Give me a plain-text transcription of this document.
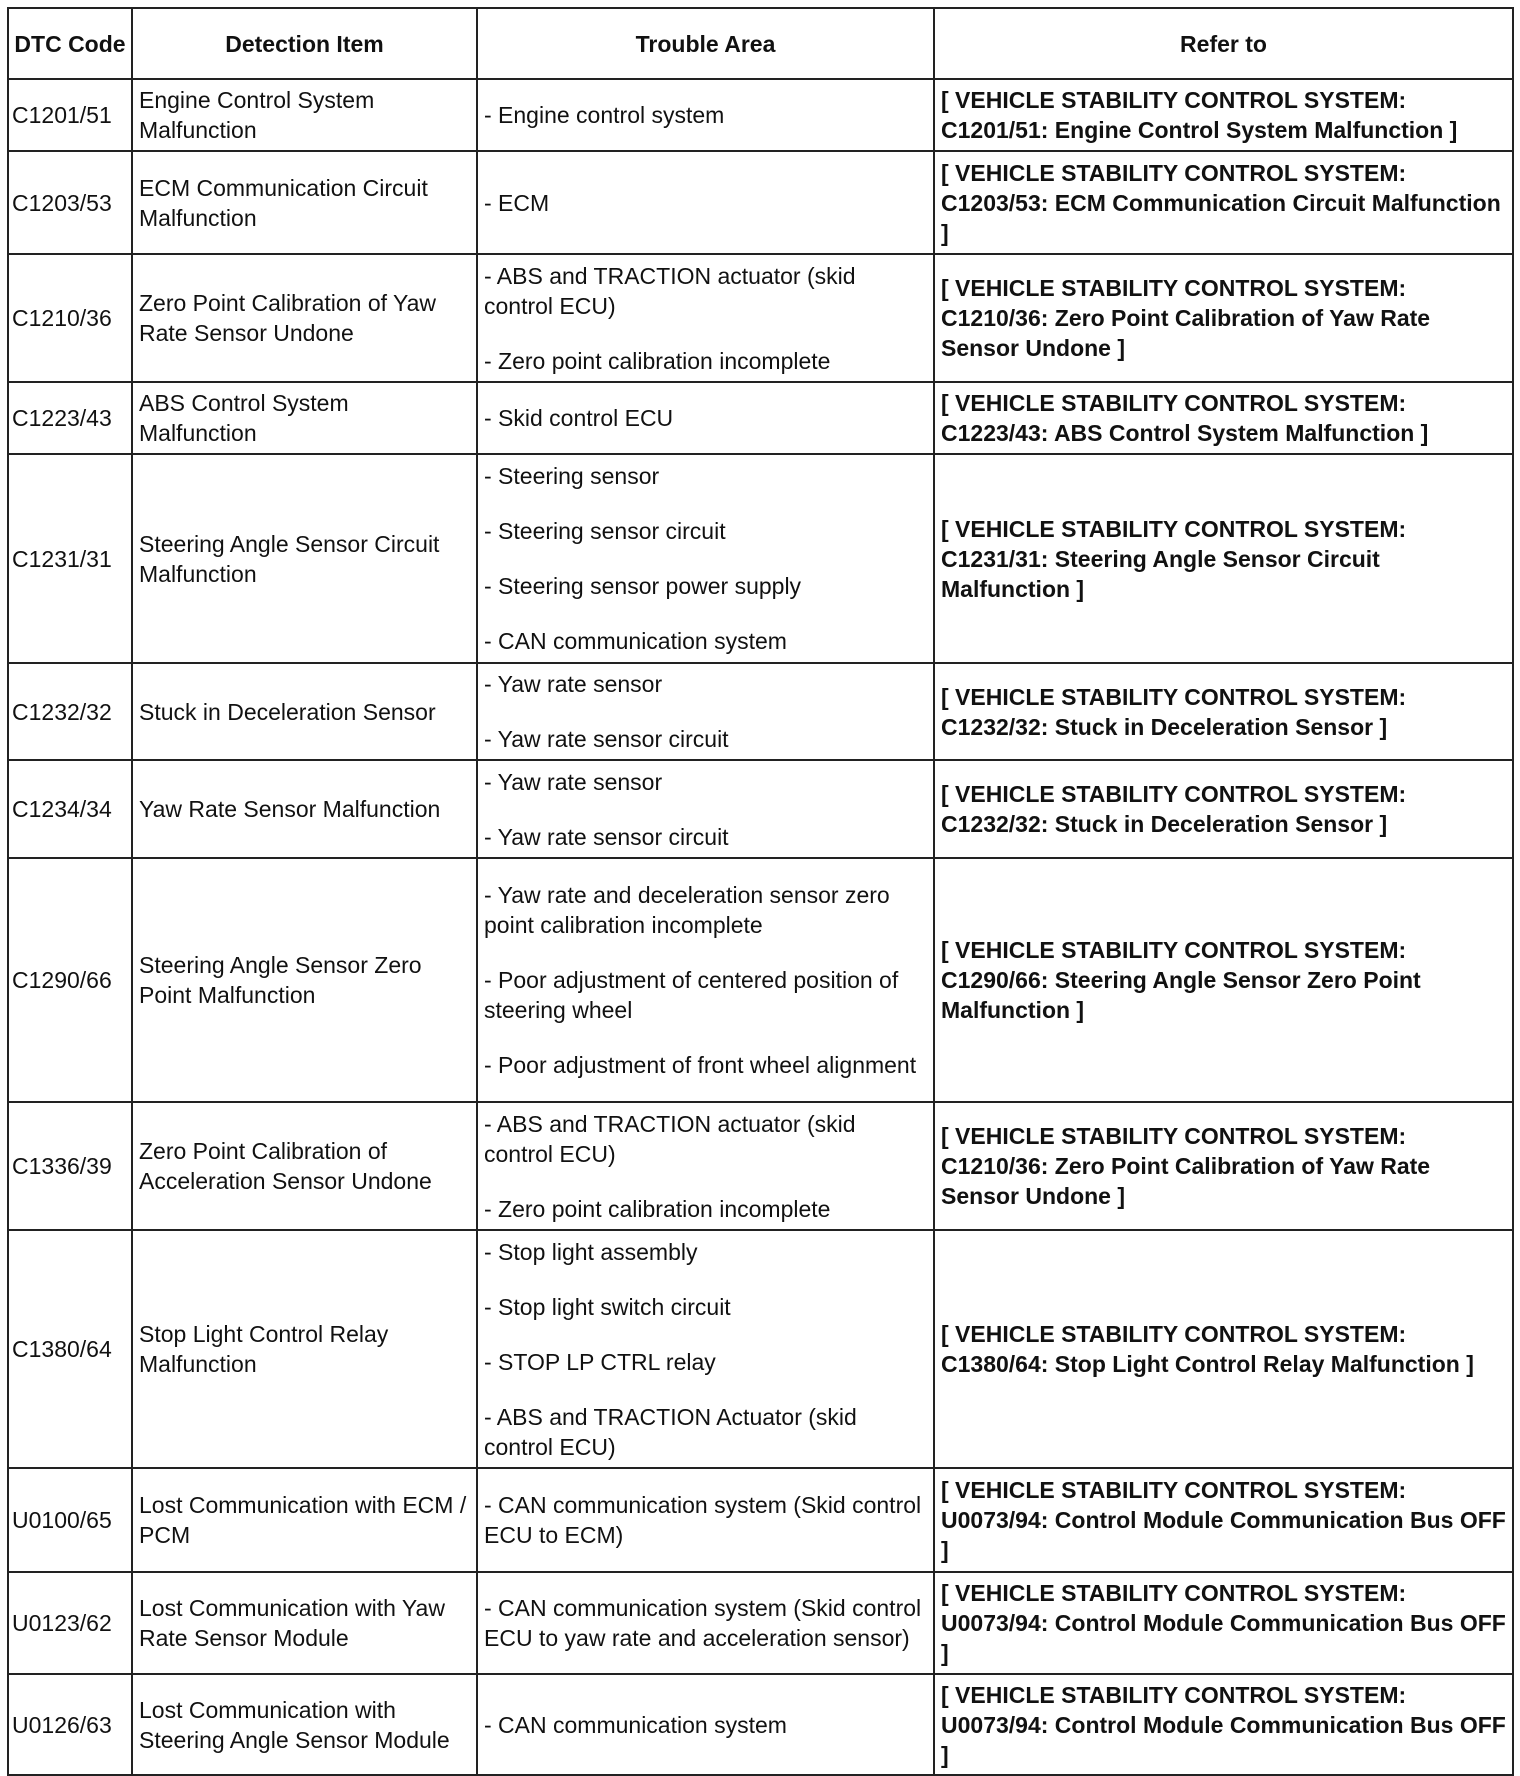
DTC Code	Detection Item	Trouble Area	Refer to
C1201/51	Engine Control System Malfunction	- Engine control system	[ VEHICLE STABILITY CONTROL SYSTEM: C1201/51: Engine Control System Malfunction ]
C1203/53	ECM Communication Circuit Malfunction	- ECM	[ VEHICLE STABILITY CONTROL SYSTEM: C1203/53: ECM Communication Circuit Malfunction ]
C1210/36	Zero Point Calibration of Yaw Rate Sensor Undone	- ABS and TRACTION actuator (skid control ECU)

- Zero point calibration incomplete	[ VEHICLE STABILITY CONTROL SYSTEM: C1210/36: Zero Point Calibration of Yaw Rate Sensor Undone ]
C1223/43	ABS Control System Malfunction	- Skid control ECU	[ VEHICLE STABILITY CONTROL SYSTEM: C1223/43: ABS Control System Malfunction ]
C1231/31	Steering Angle Sensor Circuit Malfunction	- Steering sensor

- Steering sensor circuit

- Steering sensor power supply

- CAN communication system	[ VEHICLE STABILITY CONTROL SYSTEM: C1231/31: Steering Angle Sensor Circuit Malfunction ]
C1232/32	Stuck in Deceleration Sensor	- Yaw rate sensor

- Yaw rate sensor circuit	[ VEHICLE STABILITY CONTROL SYSTEM: C1232/32: Stuck in Deceleration Sensor ]
C1234/34	Yaw Rate Sensor Malfunction	- Yaw rate sensor

- Yaw rate sensor circuit	[ VEHICLE STABILITY CONTROL SYSTEM: C1232/32: Stuck in Deceleration Sensor ]
C1290/66	Steering Angle Sensor Zero Point Malfunction	- Yaw rate and deceleration sensor zero point calibration incomplete

- Poor adjustment of centered position of steering wheel

- Poor adjustment of front wheel alignment	[ VEHICLE STABILITY CONTROL SYSTEM: C1290/66: Steering Angle Sensor Zero Point Malfunction ]
C1336/39	Zero Point Calibration of Acceleration Sensor Undone	- ABS and TRACTION actuator (skid control ECU)

- Zero point calibration incomplete	[ VEHICLE STABILITY CONTROL SYSTEM: C1210/36: Zero Point Calibration of Yaw Rate Sensor Undone ]
C1380/64	Stop Light Control Relay Malfunction	- Stop light assembly

- Stop light switch circuit

- STOP LP CTRL relay

- ABS and TRACTION Actuator (skid control ECU)	[ VEHICLE STABILITY CONTROL SYSTEM: C1380/64: Stop Light Control Relay Malfunction ]
U0100/65	Lost Communication with ECM / PCM	- CAN communication system (Skid control ECU to ECM)	[ VEHICLE STABILITY CONTROL SYSTEM: U0073/94: Control Module Communication Bus OFF ]
U0123/62	Lost Communication with Yaw Rate Sensor Module	- CAN communication system (Skid control ECU to yaw rate and acceleration sensor)	[ VEHICLE STABILITY CONTROL SYSTEM: U0073/94: Control Module Communication Bus OFF ]
U0126/63	Lost Communication with Steering Angle Sensor Module	- CAN communication system	[ VEHICLE STABILITY CONTROL SYSTEM: U0073/94: Control Module Communication Bus OFF ]
